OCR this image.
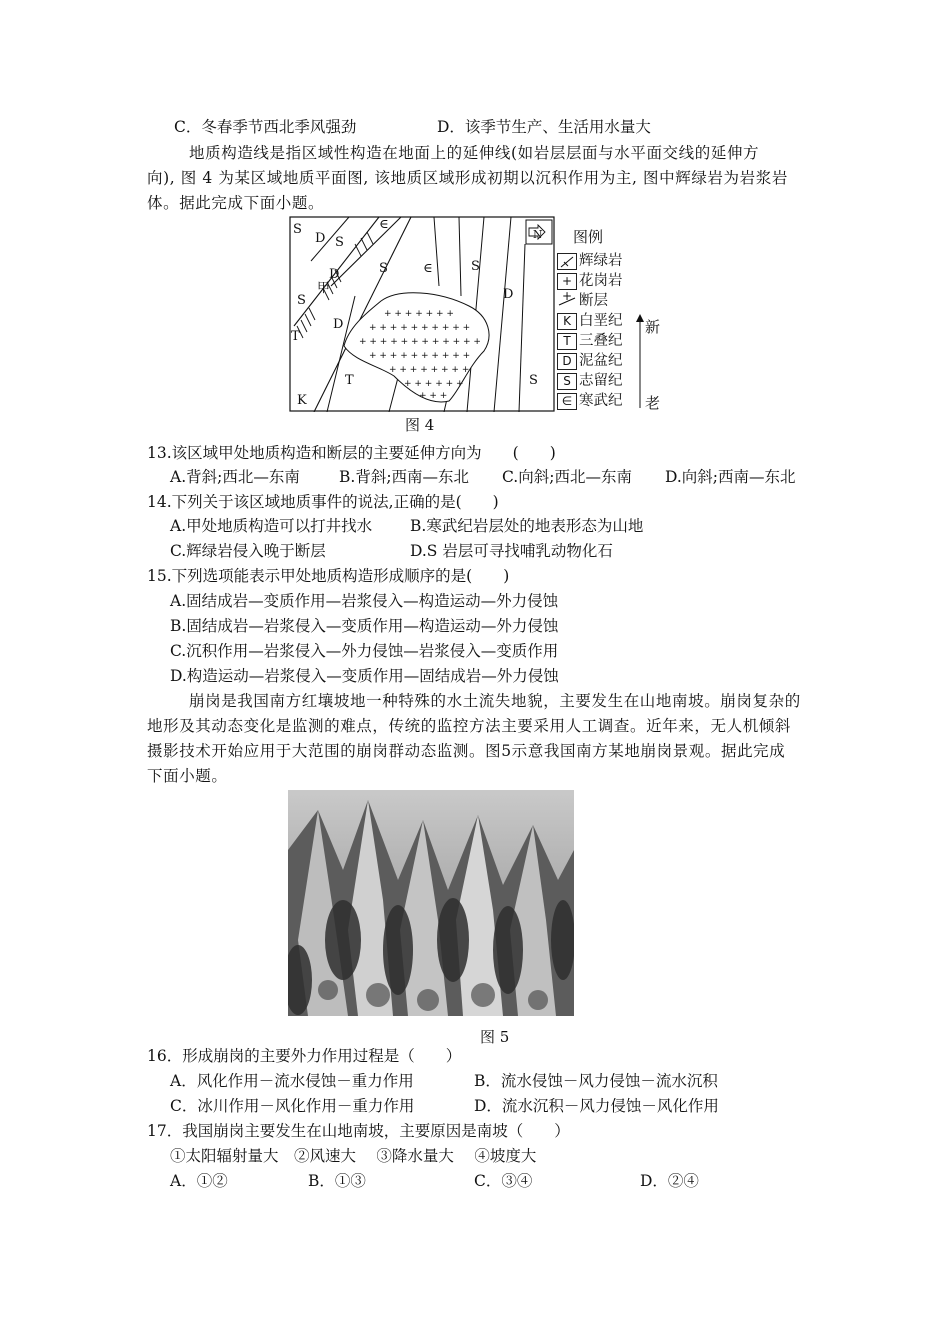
C．冬春季节西北季风强劲	D．该季节生产、生活用水量大
地质构造线是指区域性构造在地面上的延伸线(如岩层层面与水平面交线的延伸方
向), 图 4 为某区域地质平面图, 该地质区域形成初期以沉积作用为主, 图中辉绿岩为岩浆岩
体。据此完成下面小题。
+ + + + + + +
+ + + + + + + + + +
+ + + + + + + + + + + +
+ + + + + + + + + +
+ + + + + + + +
+ + + + + +
+ + +
S
D S
∈
D	S	∈	S
S
甲
D
D
T
T	S
K
N 图例
辉绿岩
+ +
花岗岩
断层
K 白垩纪
T 三叠纪
D 泥盆纪
S 志留纪
∈ 寒武纪
新
老
图 4
13.该区域甲处地质构造和断层的主要延伸方向为　　(　　)
A.背斜;西北—东南	B.背斜;西南—东北 C.向斜;西北—东南 D.向斜;西南—东北
14.下列关于该区域地质事件的说法,正确的是(　　)
A.甲处地质构造可以打井找水 B.寒武纪岩层处的地表形态为山地
C.辉绿岩侵入晚于断层	D.S 岩层可寻找哺乳动物化石
15.下列选项能表示甲处地质构造形成顺序的是(　　)
A.固结成岩—变质作用—岩浆侵入—构造运动—外力侵蚀
B.固结成岩—岩浆侵入—变质作用—构造运动—外力侵蚀
C.沉积作用—岩浆侵入—外力侵蚀—岩浆侵入—变质作用
D.构造运动—岩浆侵入—变质作用—固结成岩—外力侵蚀
崩岗是我国南方红壤坡地一种特殊的水土流失地貌，主要发生在山地南坡。崩岗复杂的
地形及其动态变化是监测的难点，传统的监控方法主要采用人工调查。近年来，无人机倾斜
摄影技术开始应用于大范围的崩岗群动态监测。图5示意我国南方某地崩岗景观。据此完成
下面小题。
图 5
16．形成崩岗的主要外力作用过程是（　　）
A．风化作用－流水侵蚀－重力作用	B．流水侵蚀－风力侵蚀－流水沉积
C．冰川作用－风化作用－重力作用	D．流水沉积－风力侵蚀－风化作用
17．我国崩岗主要发生在山地南坡，主要原因是南坡（　　）
①太阳辐射量大　②风速大　 ③降水量大　 ④坡度大
A．①②	B．①③	C．③④	D．②④
